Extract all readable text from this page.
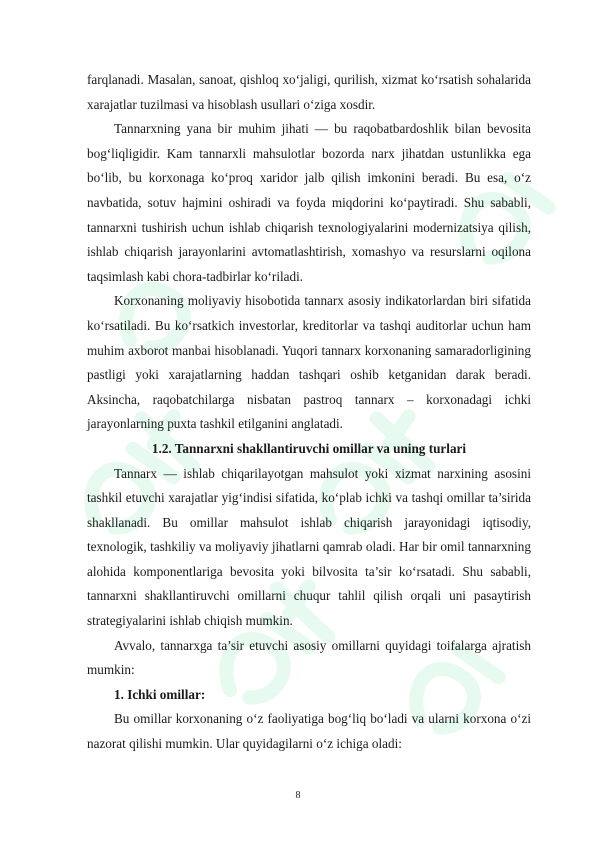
farqlanadi. Masalan, sanoat, qishloq xo‘jaligi, qurilish, xizmat ko‘rsatish sohalarida xarajatlar tuzilmasi va hisoblash usullari o‘ziga xosdir.

Tannarxning yana bir muhim jihati — bu raqobatbardoshlik bilan bevosita bog‘liqligidir. Kam tannarxli mahsulotlar bozorda narx jihatdan ustunlikka ega bo‘lib, bu korxonaga ko‘proq xaridor jalb qilish imkonini beradi. Bu esa, o‘z navbatida, sotuv hajmini oshiradi va foyda miqdorini ko‘paytiradi. Shu sababli, tannarxni tushirish uchun ishlab chiqarish texnologiyalarini modernizatsiya qilish, ishlab chiqarish jarayonlarini avtomatlashtirish, xomashyo va resurslarni oqilona taqsimlash kabi chora-tadbirlar ko‘riladi.

Korxonaning moliyaviy hisobotida tannarx asosiy indikatorlardan biri sifatida ko‘rsatiladi. Bu ko‘rsatkich investorlar, kreditorlar va tashqi auditorlar uchun ham muhim axborot manbai hisoblanadi. Yuqori tannarx korxonaning samaradorligining pastligi yoki xarajatlarning haddan tashqari oshib ketganidan darak beradi. Aksincha, raqobatchilarga nisbatan pastroq tannarx – korxonadagi ichki jarayonlarning puxta tashkil etilganini anglatadi.

1.2. Tannarxni shakllantiruvchi omillar va uning turlari

Tannarx — ishlab chiqarilayotgan mahsulot yoki xizmat narxining asosini tashkil etuvchi xarajatlar yig‘indisi sifatida, ko‘plab ichki va tashqi omillar ta’sirida shakllanadi. Bu omillar mahsulot ishlab chiqarish jarayonidagi iqtisodiy, texnologik, tashkiliy va moliyaviy jihatlarni qamrab oladi. Har bir omil tannarxning alohida komponentlariga bevosita yoki bilvosita ta’sir ko‘rsatadi. Shu sababli, tannarxni shakllantiruvchi omillarni chuqur tahlil qilish orqali uni pasaytirish strategiyalarini ishlab chiqish mumkin.

Avvalo, tannarxga ta’sir etuvchi asosiy omillarni quyidagi toifalarga ajratish mumkin:

1. Ichki omillar:

Bu omillar korxonaning o‘z faoliyatiga bog‘liq bo‘ladi va ularni korxona o‘zi nazorat qilishi mumkin. Ular quyidagilarni o‘z ichiga oladi:

8
